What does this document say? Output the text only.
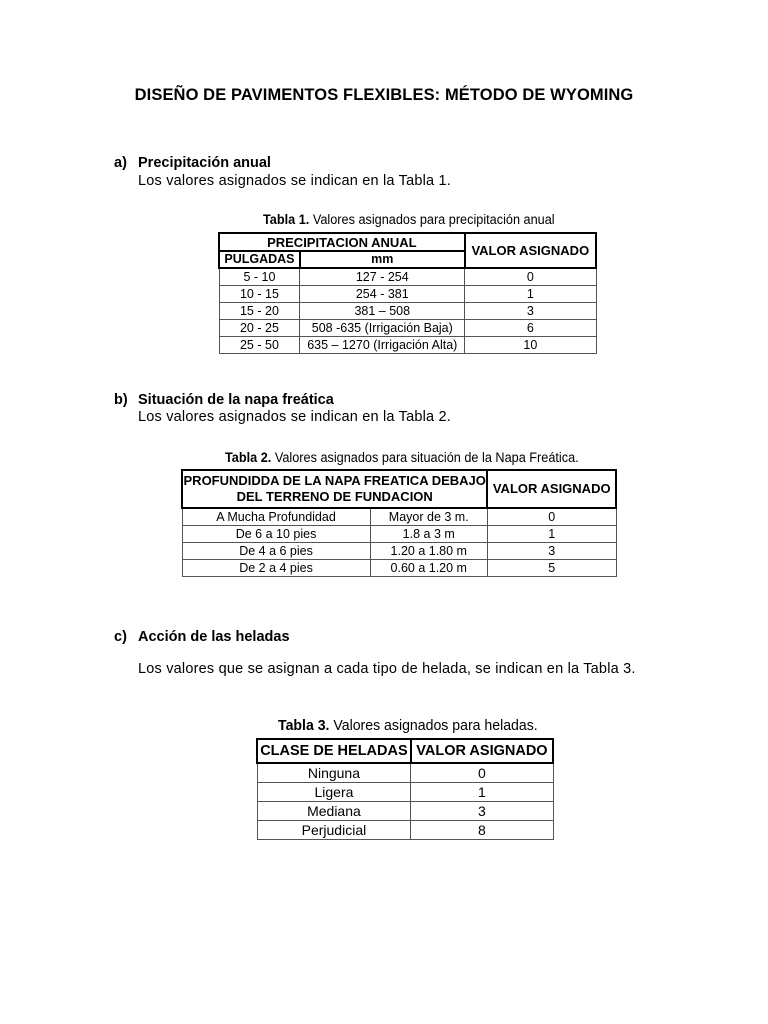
DISEÑO DE PAVIMENTOS FLEXIBLES: MÉTODO DE WYOMING
a) Precipitación anual
Los valores asignados se indican en la Tabla 1.
Tabla 1. Valores asignados para precipitación anual
PRECIPITACION ANUAL		VALOR ASIGNADO
PULGADAS	mm	
5 - 10	127 - 254	0
10 - 15	254 - 381	1
15 - 20	381 – 508	3
20 - 25	508 -635 (Irrigación Baja)	6
25 - 50	635 – 1270 (Irrigación Alta)	10
b) Situación de la napa freática
Los valores asignados se indican en la Tabla 2.
Tabla 2. Valores asignados para situación de la Napa Freática.
PROFUNDIDDA DE LA NAPA FREATICA DEBAJO
DEL TERRENO DE FUNDACION		VALOR ASIGNADO
A Mucha Profundidad	Mayor de 3 m.	0
De 6 a 10 pies	1.8 a 3 m	1
De 4 a 6 pies	1.20 a 1.80 m	3
De 2 a 4 pies	0.60 a 1.20 m	5
c) Acción de las heladas
Los valores que se asignan a cada tipo de helada, se indican en la Tabla 3.
Tabla 3. Valores asignados para heladas.
CLASE DE HELADAS	VALOR ASIGNADO
Ninguna	0
Ligera	1
Mediana	3
Perjudicial	8
